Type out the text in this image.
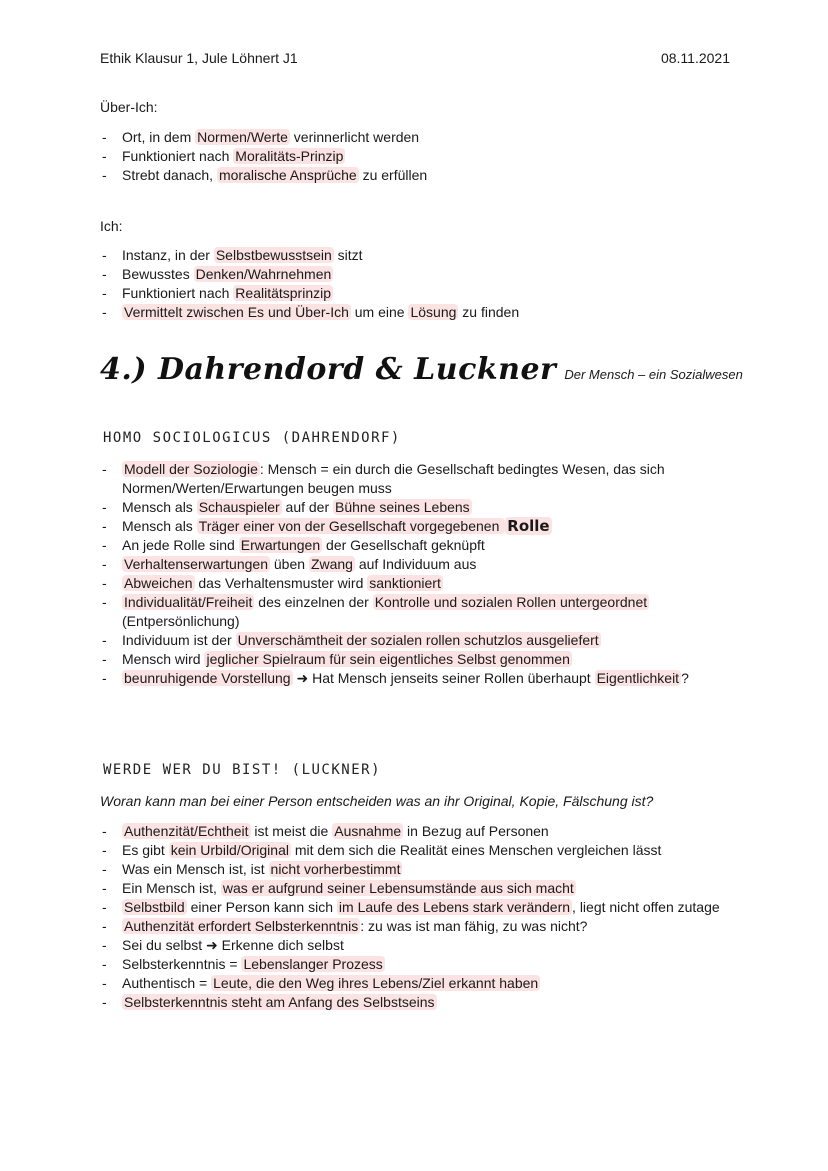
Ethik Klausur 1, Jule Löhnert J1	08.11.2021
Über-Ich:
- Ort, in dem Normen/Werte verinnerlicht werden
- Funktioniert nach Moralitäts-Prinzip
- Strebt danach, moralische Ansprüche zu erfüllen
Ich:
- Instanz, in der Selbstbewusstsein sitzt
- Bewusstes Denken/Wahrnehmen
- Funktioniert nach Realitätsprinzip
- Vermittelt zwischen Es und Über-Ich um eine Lösung zu finden
4.) Dahrendord & Luckner Der Mensch – ein Sozialwesen
HOMO SOCIOLOGICUS (DAHRENDORF)
- Modell der Soziologie : Mensch = ein durch die Gesellschaft bedingtes Wesen, das sich Normen/Werten/Erwartungen beugen muss
- Mensch als Schauspieler auf der Bühne seines Lebens
- Mensch als Träger einer von der Gesellschaft vorgegebenen Rolle
- An jede Rolle sind Erwartungen der Gesellschaft geknüpft
- Verhaltenserwartungen üben Zwang auf Individuum aus
- Abweichen das Verhaltensmuster wird sanktioniert
- Individualität/Freiheit des einzelnen der Kontrolle und sozialen Rollen untergeordnet (Entpersönlichung)
- Individuum ist der Unverschämtheit der sozialen rollen schutzlos ausgeliefert
- Mensch wird jeglicher Spielraum für sein eigentliches Selbst genommen
- beunruhigende Vorstellung ➜ Hat Mensch jenseits seiner Rollen überhaupt Eigentlichkeit ?
WERDE WER DU BIST! (LUCKNER)
Woran kann man bei einer Person entscheiden was an ihr Original, Kopie, Fälschung ist?
- Authenzität/Echtheit ist meist die Ausnahme in Bezug auf Personen
- Es gibt kein Urbild/Original mit dem sich die Realität eines Menschen vergleichen lässt
- Was ein Mensch ist, ist nicht vorherbestimmt
- Ein Mensch ist, was er aufgrund seiner Lebensumstände aus sich macht
- Selbstbild einer Person kann sich im Laufe des Lebens stark verändern , liegt nicht offen zutage
- Authenzität erfordert Selbsterkenntnis : zu was ist man fähig, zu was nicht?
- Sei du selbst ➜ Erkenne dich selbst
- Selbsterkenntnis = Lebenslanger Prozess
- Authentisch = Leute, die den Weg ihres Lebens/Ziel erkannt haben
- Selbsterkenntnis steht am Anfang des Selbstseins
